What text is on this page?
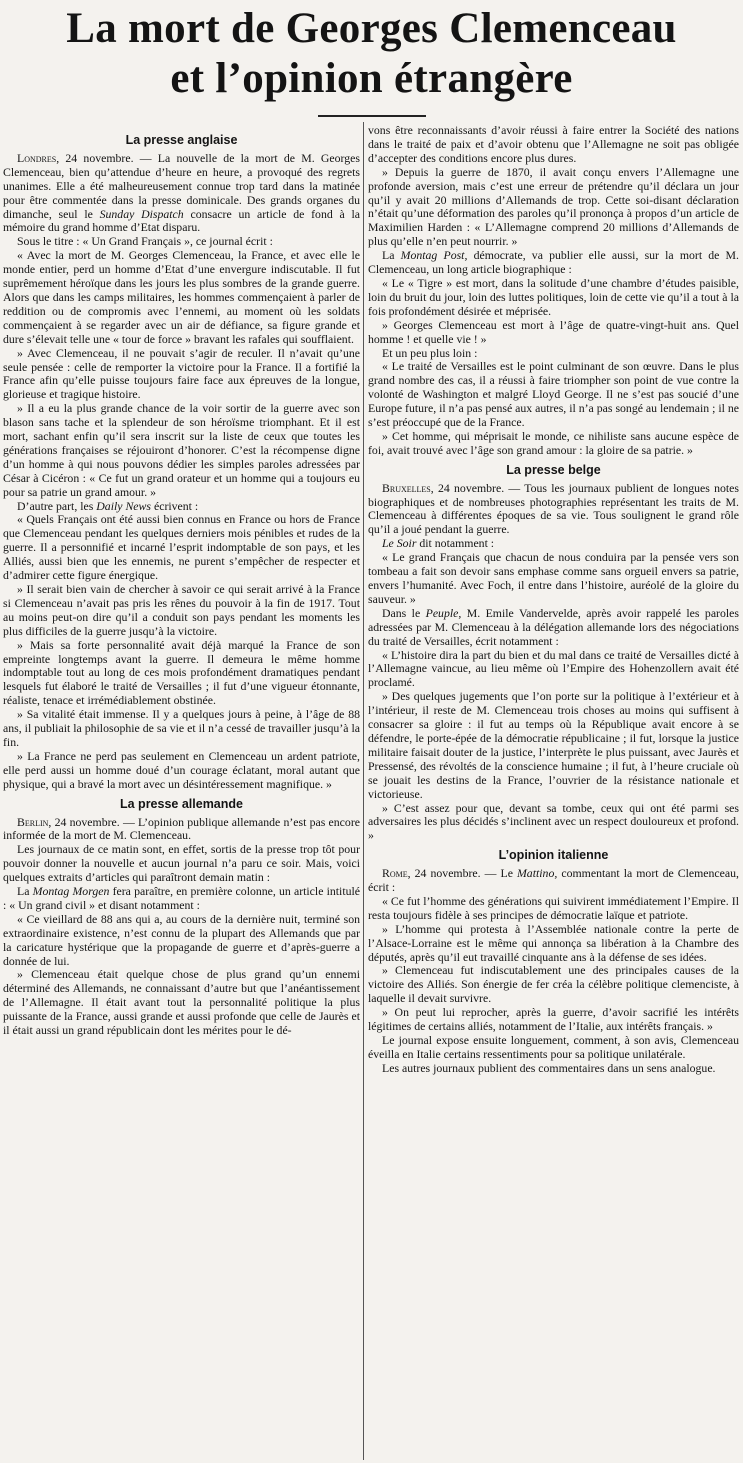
La mort de Georges Clemenceau
et l’opinion étrangère
La presse anglaise

Londres, 24 novembre. — La nouvelle de la mort de M. Georges Clemenceau, bien qu’attendue d’heure en heure, a provoqué des regrets unanimes. Elle a été malheureusement connue trop tard dans la matinée pour être commentée dans la presse dominicale. Des grands organes du dimanche, seul le Sunday Dispatch consacre un article de fond à la mémoire du grand homme d’Etat disparu.

Sous le titre : « Un Grand Français », ce journal écrit :

« Avec la mort de M. Georges Clemenceau, la France, et avec elle le monde entier, perd un homme d’Etat d’une envergure indiscutable. Il fut suprêmement héroïque dans les jours les plus sombres de la grande guerre. Alors que dans les camps militaires, les hommes commençaient à parler de reddition ou de compromis avec l’ennemi, au moment où les soldats commençaient à se regarder avec un air de défiance, sa figure grande et dure s’élevait telle une « tour de force » bravant les rafales qui soufflaient.

» Avec Clemenceau, il ne pouvait s’agir de reculer. Il n’avait qu’une seule pensée : celle de remporter la victoire pour la France. Il a fortifié la France afin qu’elle puisse toujours faire face aux épreuves de la longue, glorieuse et tragique histoire.

» Il a eu la plus grande chance de la voir sortir de la guerre avec son blason sans tache et la splendeur de son héroïsme triomphant. Et il est mort, sachant enfin qu’il sera inscrit sur la liste de ceux que toutes les générations françaises se réjouiront d’honorer. C’est la récompense digne d’un homme à qui nous pouvons dédier les simples paroles adressées par César à Cicéron : « Ce fut un grand orateur et un homme qui a toujours eu pour sa patrie un grand amour. »

D’autre part, les Daily News écrivent :

« Quels Français ont été aussi bien connus en France ou hors de France que Clemenceau pendant les quelques derniers mois pénibles et rudes de la guerre. Il a personnifié et incarné l’esprit indomptable de son pays, et les Alliés, aussi bien que les ennemis, ne purent s’empêcher de respecter et d’admirer cette figure énergique.

» Il serait bien vain de chercher à savoir ce qui serait arrivé à la France si Clemenceau n’avait pas pris les rênes du pouvoir à la fin de 1917. Tout au moins peut-on dire qu’il a conduit son pays pendant les moments les plus difficiles de la guerre jusqu’à la victoire.

» Mais sa forte personnalité avait déjà marqué la France de son empreinte longtemps avant la guerre. Il demeura le même homme indomptable tout au long de ces mois profondément dramatiques pendant lesquels fut élaboré le traité de Versailles ; il fut d’une vigueur étonnante, réaliste, tenace et irrémédiablement obstinée.

» Sa vitalité était immense. Il y a quelques jours à peine, à l’âge de 88 ans, il publiait la philosophie de sa vie et il n’a cessé de travailler jusqu’à la fin.

» La France ne perd pas seulement en Clemenceau un ardent patriote, elle perd aussi un homme doué d’un courage éclatant, moral autant que physique, qui a bravé la mort avec un désintéressement magnifique. »

La presse allemande

Berlin, 24 novembre. — L’opinion publique allemande n’est pas encore informée de la mort de M. Clemenceau.

Les journaux de ce matin sont, en effet, sortis de la presse trop tôt pour pouvoir donner la nouvelle et aucun journal n’a paru ce soir. Mais, voici quelques extraits d’articles qui paraîtront demain matin :

La Montag Morgen fera paraître, en première colonne, un article intitulé : « Un grand civil » et disant notamment :

« Ce vieillard de 88 ans qui a, au cours de la dernière nuit, terminé son extraordinaire existence, n’est connu de la plupart des Allemands que par la caricature hystérique que la propagande de guerre et d’après-guerre a donnée de lui.

» Clemenceau était quelque chose de plus grand qu’un ennemi déterminé des Allemands, ne connaissant d’autre but que l’anéantissement de l’Allemagne. Il était avant tout la personnalité politique la plus puissante de la France, aussi grande et aussi profonde que celle de Jaurès et il était aussi un grand républicain dont les mérites pour le dé-

vons être reconnaissants d’avoir réussi à faire entrer la Société des nations dans le traité de paix et d’avoir obtenu que l’Allemagne ne soit pas obligée d’accepter des conditions encore plus dures.

» Depuis la guerre de 1870, il avait conçu envers l’Allemagne une profonde aversion, mais c’est une erreur de prétendre qu’il déclara un jour qu’il y avait 20 millions d’Allemands de trop. Cette soi-disant déclaration n’était qu’une déformation des paroles qu’il prononça à propos d’un article de Maximilien Harden : « L’Allemagne comprend 20 millions d’Allemands de plus qu’elle n’en peut nourrir. »

La Montag Post, démocrate, va publier elle aussi, sur la mort de M. Clemenceau, un long article biographique :

« Le « Tigre » est mort, dans la solitude d’une chambre d’études paisible, loin du bruit du jour, loin des luttes politiques, loin de cette vie qu’il a tout à la fois profondément désirée et méprisée.

» Georges Clemenceau est mort à l’âge de quatre-vingt-huit ans. Quel homme ! et quelle vie ! »

Et un peu plus loin :

« Le traité de Versailles est le point culminant de son œuvre. Dans le plus grand nombre des cas, il a réussi à faire triompher son point de vue contre la volonté de Washington et malgré Lloyd George. Il ne s’est pas soucié d’une Europe future, il n’a pas pensé aux autres, il n’a pas songé au lendemain ; il ne s’est préoccupé que de la France.

» Cet homme, qui méprisait le monde, ce nihiliste sans aucune espèce de foi, avait trouvé avec l’âge son grand amour : la gloire de sa patrie. »

La presse belge

Bruxelles, 24 novembre. — Tous les journaux publient de longues notes biographiques et de nombreuses photographies représentant les traits de M. Clemenceau à différentes époques de sa vie. Tous soulignent le grand rôle qu’il a joué pendant la guerre.

Le Soir dit notamment :

« Le grand Français que chacun de nous conduira par la pensée vers son tombeau a fait son devoir sans emphase comme sans orgueil envers sa patrie, envers l’humanité. Avec Foch, il entre dans l’histoire, auréolé de la gloire du sauveur. »

Dans le Peuple, M. Emile Vandervelde, après avoir rappelé les paroles adressées par M. Clemenceau à la délégation allemande lors des négociations du traité de Versailles, écrit notamment :

« L’histoire dira la part du bien et du mal dans ce traité de Versailles dicté à l’Allemagne vaincue, au lieu même où l’Empire des Hohenzollern avait été proclamé.

» Des quelques jugements que l’on porte sur la politique à l’extérieur et à l’intérieur, il reste de M. Clemenceau trois choses au moins qui suffisent à consacrer sa gloire : il fut au temps où la République avait encore à se défendre, le porte-épée de la démocratie républicaine ; il fut, lorsque la justice militaire faisait douter de la justice, l’interprète le plus puissant, avec Jaurès et Pressensé, des révoltés de la conscience humaine ; il fut, à l’heure cruciale où se jouait les destins de la France, l’ouvrier de la résistance nationale et victorieuse.

» C’est assez pour que, devant sa tombe, ceux qui ont été parmi ses adversaires les plus décidés s’inclinent avec un respect douloureux et profond. »

L’opinion italienne

Rome, 24 novembre. — Le Mattino, commentant la mort de Clemenceau, écrit :

« Ce fut l’homme des générations qui suivirent immédiatement l’Empire. Il resta toujours fidèle à ses principes de démocratie laïque et patriote.

» L’homme qui protesta à l’Assemblée nationale contre la perte de l’Alsace-Lorraine est le même qui annonça sa libération à la Chambre des députés, après qu’il eut travaillé cinquante ans à la défense de ses idées.

» Clemenceau fut indiscutablement une des principales causes de la victoire des Alliés. Son énergie de fer créa la célèbre politique clemenciste, à laquelle il devait survivre.

» On peut lui reprocher, après la guerre, d’avoir sacrifié les intérêts légitimes de certains alliés, notamment de l’Italie, aux intérêts français. »

Le journal expose ensuite longuement, comment, à son avis, Clemenceau éveilla en Italie certains ressentiments pour sa politique unilatérale.

Les autres journaux publient des commentaires dans un sens analogue.
